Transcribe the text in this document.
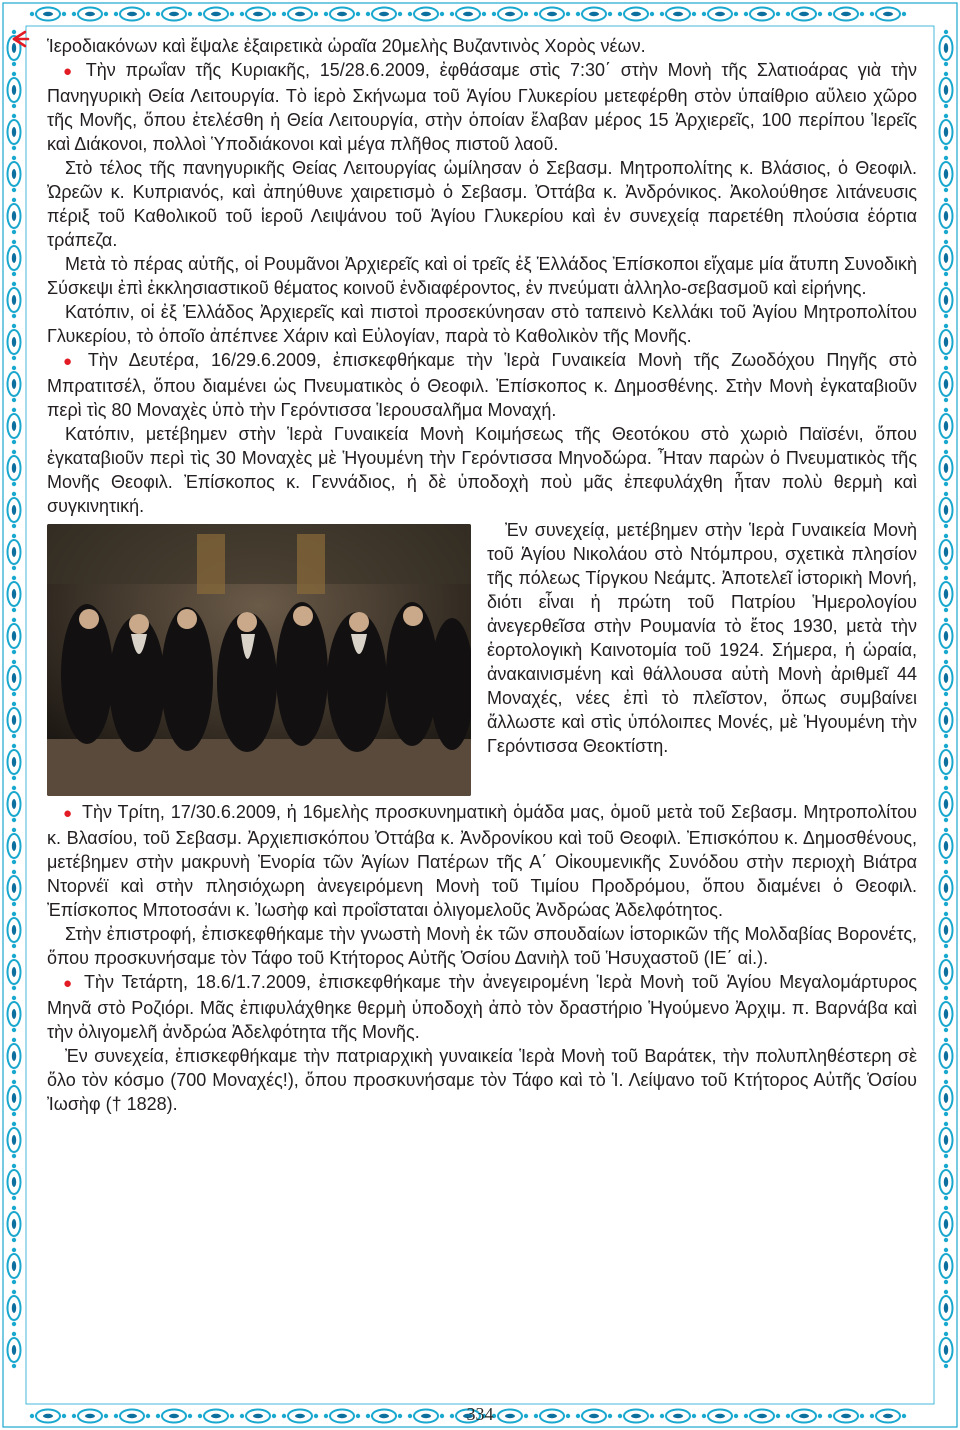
Ἱεροδιακόνων καὶ ἔψαλε ἐξαιρετικὰ ὡραῖα 20μελὴς Βυζαντινὸς Χορὸς νέων.

● Τὴν πρωΐαν τῆς Κυριακῆς, 15/28.6.2009, ἐφθάσαμε στὶς 7:30΄ στὴν Μονὴ τῆς Σλατιοάρας γιὰ τὴν Πανηγυρικὴ Θεία Λειτουργία. Τὸ ἱερὸ Σκήνωμα τοῦ Ἁγίου Γλυκερίου μετεφέρθη στὸν ὑπαίθριο αὔλειο χῶρο τῆς Μονῆς, ὅπου ἐτελέσθη ἡ Θεία Λειτουργία, στὴν ὁποίαν ἔλαβαν μέρος 15 Ἀρχιερεῖς, 100 περίπου Ἱερεῖς καὶ Διάκονοι, πολλοὶ Ὑποδιάκονοι καὶ μέγα πλῆθος πιστοῦ λαοῦ.

Στὸ τέλος τῆς πανηγυρικῆς Θείας Λειτουργίας ὡμίλησαν ὁ Σεβασμ. Μητροπολίτης κ. Βλάσιος, ὁ Θεοφιλ. Ὠρεῶν κ. Κυπριανός, καὶ ἀπηύθυνε χαιρετισμὸ ὁ Σεβασμ. Ὀττάβα κ. Ἀνδρόνικος. Ἀκολούθησε λιτάνευσις πέριξ τοῦ Καθολικοῦ τοῦ ἱεροῦ Λειψάνου τοῦ Ἁγίου Γλυκερίου καὶ ἐν συνεχείᾳ παρετέθη πλούσια ἑόρτια τράπεζα.

Μετὰ τὸ πέρας αὐτῆς, οἱ Ρουμᾶνοι Ἀρχιερεῖς καὶ οἱ τρεῖς ἐξ Ἑλλάδος Ἐπίσκοποι εἴχαμε μία ἄτυπη Συνοδικὴ Σύσκεψι ἐπὶ ἐκκλησιαστικοῦ θέματος κοινοῦ ἐνδιαφέροντος, ἐν πνεύματι ἀλληλο-σεβασμοῦ καὶ εἰρήνης.

Κατόπιν, οἱ ἐξ Ἑλλάδος Ἀρχιερεῖς καὶ πιστοὶ προσεκύνησαν στὸ ταπεινὸ Κελλάκι τοῦ Ἁγίου Μητροπολίτου Γλυκερίου, τὸ ὁποῖο ἀπέπνεε Χάριν καὶ Εὐλογίαν, παρὰ τὸ Καθολικὸν τῆς Μονῆς.

● Τὴν Δευτέρα, 16/29.6.2009, ἐπισκεφθήκαμε τὴν Ἱερὰ Γυναικεία Μονὴ τῆς Ζωοδόχου Πηγῆς στὸ Μπρατιτσέλ, ὅπου διαμένει ὡς Πνευματικὸς ὁ Θεοφιλ. Ἐπίσκοπος κ. Δημοσθένης. Στὴν Μονὴ ἐγκαταβιοῦν περὶ τὶς 80 Μοναχὲς ὑπὸ τὴν Γερόντισσα Ἱερουσαλῆμα Μοναχή.

Κατόπιν, μετέβημεν στὴν Ἱερὰ Γυναικεία Μονὴ Κοιμήσεως τῆς Θεοτόκου στὸ χωριὸ Παϊσένι, ὅπου ἐγκαταβιοῦν περὶ τὶς 30 Μοναχὲς μὲ Ἡγουμένη τὴν Γερόντισσα Μηνοδώρα. Ἦταν παρὼν ὁ Πνευματικὸς τῆς Μονῆς Θεοφιλ. Ἐπίσκοπος κ. Γεννάδιος, ἡ δὲ ὑποδοχὴ ποὺ μᾶς ἐπεφυλάχθη ἦταν πολὺ θερμὴ καὶ συγκινητική.

Ἐν συνεχείᾳ, μετέβημεν στὴν Ἱερὰ Γυναικεία Μονὴ τοῦ Ἁγίου Νικολάου στὸ Ντόμπρου, σχετικὰ πλησίον τῆς πόλεως Τίργκου Νεάμτς. Ἀποτελεῖ ἱστορικὴ Μονή, διότι εἶναι ἡ πρώτη τοῦ Πατρίου Ἡμερολογίου ἀνεγερθεῖσα στὴν Ρουμανία τὸ ἔτος 1930, μετὰ τὴν ἑορτολογικὴ Καινοτομία τοῦ 1924. Σήμερα, ἡ ὡραία, ἀνακαινισμένη καὶ θάλλουσα αὐτὴ Μονὴ ἀριθμεῖ 44 Μοναχές, νέες ἐπὶ τὸ πλεῖστον, ὅπως συμβαίνει ἄλλωστε καὶ στὶς ὑπόλοιπες Μονές, μὲ Ἡγουμένη τὴν Γερόντισσα Θεοκτίστη.

● Τὴν Τρίτη, 17/30.6.2009, ἡ 16μελὴς προσκυνηματικὴ ὁμάδα μας, ὁμοῦ μετὰ τοῦ Σεβασμ. Μητροπολίτου κ. Βλασίου, τοῦ Σεβασμ. Ἀρχιεπισκόπου Ὀττάβα κ. Ἀνδρονίκου καὶ τοῦ Θεοφιλ. Ἐπισκόπου κ. Δημοσθένους, μετέβημεν στὴν μακρυνὴ Ἐνορία τῶν Ἁγίων Πατέρων τῆς Α΄ Οἰκουμενικῆς Συνόδου στὴν περιοχὴ Βιάτρα Ντορνέϊ καὶ στὴν πλησιόχωρη ἀνεγειρόμενη Μονὴ τοῦ Τιμίου Προδρόμου, ὅπου διαμένει ὁ Θεοφιλ. Ἐπίσκοπος Μποτοσάνι κ. Ἰωσὴφ καὶ προΐσταται ὀλιγομελοῦς Ἀνδρώας Ἀδελφότητος.

Στὴν ἐπιστροφή, ἐπισκεφθήκαμε τὴν γνωστὴ Μονὴ ἐκ τῶν σπουδαίων ἱστορικῶν τῆς Μολδαβίας Βορονέτς, ὅπου προσκυνήσαμε τὸν Τάφο τοῦ Κτήτορος Αὐτῆς Ὁσίου Δανιὴλ τοῦ Ἡσυχαστοῦ (ΙΕ΄ αἰ.).

● Τὴν Τετάρτη, 18.6/1.7.2009, ἐπισκεφθήκαμε τὴν ἀνεγειρομένη Ἱερὰ Μονὴ τοῦ Ἁγίου Μεγαλομάρτυρος Μηνᾶ στὸ Ροζιόρι. Μᾶς ἐπιφυλάχθηκε θερμὴ ὑποδοχὴ ἀπὸ τὸν δραστήριο Ἡγούμενο Ἀρχιμ. π. Βαρνάβα καὶ τὴν ὀλιγομελῆ ἀνδρώα Ἀδελφότητα τῆς Μονῆς.

Ἐν συνεχεία, ἐπισκεφθήκαμε τὴν πατριαρχικὴ γυναικεία Ἱερὰ Μονὴ τοῦ Βαράτεκ, τὴν πολυπληθέστερη σὲ ὅλο τὸν κόσμο (700 Μοναχές!), ὅπου προσκυνήσαμε τὸν Τάφο καὶ τὸ Ἱ. Λείψανο τοῦ Κτήτορος Αὐτῆς Ὁσίου Ἰωσὴφ († 1828).

334
